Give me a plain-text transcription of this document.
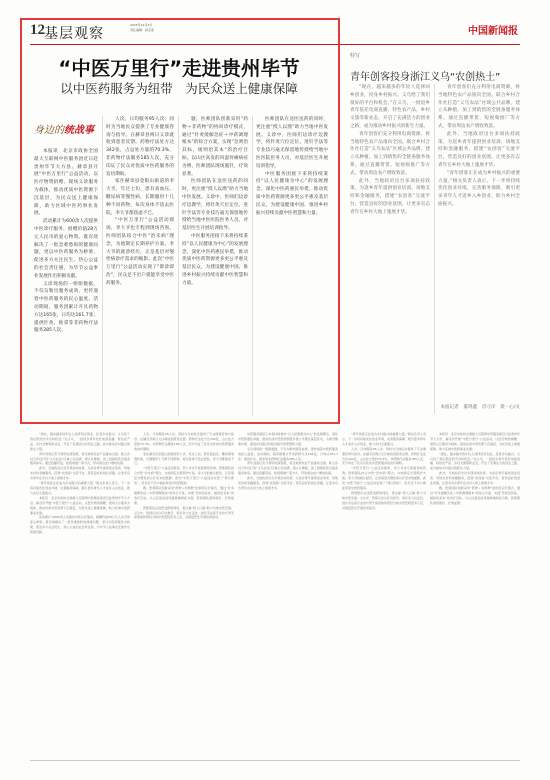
12 基层观察
2025年12月3日
责任编辑：杨京燕	中国新闻报
“中医万里行”走进贵州毕节
以中医药服务为纽带　为民众送上健康保障
身边的统战事

本报讯　北京市政协全国最大互联网中医服务团近日赴贵州毕节大方县、赫章县开展“中医万里行”公益活动，以医疗物资捐赠、现场义诊服务为载体，推动优质中医资源下沉基层，为民众送上健康保障，助力区域中医药事业发展。

活动累计为600余人次提供中医诊疗服务，捐赠价值28万元人民币的爱心物资。既有效解决了一批急难愁盼的健康问题，更以中医药服务为桥梁，促进多方关注民生，热心公益的社会责任感，为毕节公益事业发展作出积极贡献。

义诊现场的一组组数据，不仅勾勒出服务成效，更传递着中医药服务的民心温度。活动期间，服务团累计开具药物方达165张，日均达161.7张；提供针灸、推拿等非药物疗法服务285人次。

人次。日均服务95人次；同时为当地民众提供了专业健康咨询与指导。在赫章县两日义诊就收到患者反馈。药物疗法处方达342张，占总处方量的70.3%，非药物疗法服务185人次，充分印证了民众对优质中医药服务的迫切期盼。

家住赫章县金银山街道的李大爷，年过七旬，患有高血压、糖尿病等慢性病，长期服用十几种不同药物，每次身体不适去医院，李大爷都焦虑不已。

“中医万里行”公益活动现场，李大爷也专程到现场咨询。医师团队结合中医“治未病”理念，为他制定长期养护方案。李大爷的就诊经历，正是基层对慢性病诊疗需求的缩影。此次“中医万里行”公益活动实现了“即诊即治”，民众足不出户就能享受中医药服务。

题，医师团队创新采用“药物＋非药物”的协同诊疗模式，通过“针灸缓解急症＋中药调理根本”的综合方案，实现“急则治其标，缓则治其本”的治疗目标。以山区高发的风湿骨痛病症为例，医师团队现场施针，疗效显著。

医师团队在送医送药的同时，更注重“授人以渔”助力当地中医发展。义诊中，医师们边诊疗边教学，将针灸穴位定位、进针手法等专业技巧毫无保留地传授给当地中医医院医务人员，对基层医生开展培训指导。

中医服务团接下来将持续秉持“以人民健康为中心”的发展理念，深化中医药惠民举措，推动优质中医药资源更多更公平惠及基层民众，为建设健康中国、推进乡村振兴持续贡献中医智慧和力量。

医师团队在送医送药的同时，更注重“授人以渔”助力当地中医发展。义诊中，医师们边诊疗边教学，将针灸穴位定位、进针手法等专业技巧毫无保留地传授给当地中医医院医务人员，对基层医生开展培训指导。

中医服务团接下来将持续秉持“以人民健康为中心”的发展理念，深化中医药惠民举措，推动优质中医药资源更多更公平惠及基层民众，为建设健康中国、推进乡村振兴持续贡献中医智慧和力量。

特写
青年创客投身浙江义乌“农创热土”

“现在，越来越多的年轻人选择回乡创业，投身乡村振兴。义乌给了我们很好的平台和机会。”在义乌，一批返乡青年依托电商直播、特色农产品、乡村文旅等新业态，开启了充满活力的创业之路，成为推动乡村振兴的新生力量。

青年创客们充分利用电商资源，将当地特色农产品推向全国。联合乡村合作社打造“义乌农品”区域公共品牌，建立从种植、加工到销售的全链条服务体系。通过直播带货、短视频推广等方式，带动周边农户增收致富。

此外，当地政府出台多项扶持政策，为返乡青年提供创业培训、场地支持和金融服务，搭建“农创客”交流平台，营造良好的创业氛围，让更多有志青年在乡村大地上施展才华。

青年创客们充分利用电商资源，将当地特色农产品推向全国。联合乡村合作社打造“义乌农品”区域公共品牌，建立从种植、加工到销售的全链条服务体系。通过直播带货、短视频推广等方式，带动周边农户增收致富。

此外，当地政府出台多项扶持政策，为返乡青年提供创业培训、场地支持和金融服务，搭建“农创客”交流平台，营造良好的创业氛围，让更多有志青年在乡村大地上施展才华。

“青年创客正在成为乡村振兴的重要力量。”相关负责人表示，下一步将持续优化创业环境，完善服务保障，吸引更多青年人才返乡入乡创业，助力乡村全面振兴。

本报记者　董玥鑫　肖守洋　裴一心/文

“现在，越来越多的年轻人选择回乡创业，投身乡村振兴。义乌给了我们很好的平台和机会。”在义乌，一批返乡青年依托电商直播、特色农产品、乡村文旅等新业态，开启了充满活力的创业之路，成为推动乡村振兴的新生力量。

青年创客们充分利用电商资源，将当地特色农产品推向全国。联合乡村合作社打造“义乌农品”区域公共品牌，建立从种植、加工到销售的全链条服务体系。通过直播带货、短视频推广等方式，带动周边农户增收致富。

此外，当地政府出台多项扶持政策，为返乡青年提供创业培训、场地支持和金融服务，搭建“农创客”交流平台，营造良好的创业氛围，让更多有志青年在乡村大地上施展才华。

“青年创客正在成为乡村振兴的重要力量。”相关负责人表示，下一步将持续优化创业环境，完善服务保障，吸引更多青年人才返乡入乡创业，助力乡村全面振兴。

本报讯　北京市政协全国最大互联网中医服务团近日赴贵州毕节大方县、赫章县开展“中医万里行”公益活动，以医疗物资捐赠、现场义诊服务为载体，推动优质中医资源下沉基层，为民众送上健康保障，助力区域中医药事业发展。

活动累计为600余人次提供中医诊疗服务，捐赠价值28万元人民币的爱心物资。既有效解决了一批急难愁盼的健康问题，更以中医药服务为桥梁，促进多方关注民生，热心公益的社会责任感，为毕节公益事业发展作出积极贡献。

人次。日均服务95人次；同时为当地民众提供了专业健康咨询与指导。在赫章县两日义诊就收到患者反馈。药物疗法处方达342张，占总处方量的70.3%，非药物疗法服务185人次，充分印证了民众对优质中医药服务的迫切期盼。

家住赫章县金银山街道的李大爷，年过七旬，患有高血压、糖尿病等慢性病，长期服用十几种不同药物，每次身体不适去医院，李大爷都焦虑不已。

“中医万里行”公益活动现场，李大爷也专程到现场咨询。医师团队结合中医“治未病”理念，为他制定长期养护方案。李大爷的就诊经历，正是基层对慢性病诊疗需求的缩影。此次“中医万里行”公益活动实现了“即诊即治”，民众足不出户就能享受中医药服务。

题，医师团队创新采用“药物＋非药物”的协同诊疗模式，通过“针灸缓解急症＋中药调理根本”的综合方案，实现“急则治其标，缓则治其本”的治疗目标。以山区高发的风湿骨痛病症为例，医师团队现场施针，疗效显著。

医师团队在送医送药的同时，更注重“授人以渔”助力当地中医发展。义诊中，医师们边诊疗边教学，将针灸穴位定位、进针手法等专业技巧毫无保留地传授给当地中医医院医务人员，对基层医生开展培训指导。

中医服务团接下来将持续秉持“以人民健康为中心”的发展理念，深化中医药惠民举措，推动优质中医药资源更多更公平惠及基层民众，为建设健康中国、推进乡村振兴持续贡献中医智慧和力量。

义诊现场的一组组数据，不仅勾勒出服务成效，更传递着中医药服务的民心温度。活动期间，服务团累计开具药物方达165张，日均达161.7张；提供针灸、推拿等非药物疗法服务285人次。

青年创客们充分利用电商资源，将当地特色农产品推向全国。联合乡村合作社打造“义乌农品”区域公共品牌，建立从种植、加工到销售的全链条服务体系。通过直播带货、短视频推广等方式，带动周边农户增收致富。

此外，当地政府出台多项扶持政策，为返乡青年提供创业培训、场地支持和金融服务，搭建“农创客”交流平台，营造良好的创业氛围，让更多有志青年在乡村大地上施展才华。

“青年创客正在成为乡村振兴的重要力量。”相关负责人表示，下一步将持续优化创业环境，完善服务保障，吸引更多青年人才返乡入乡创业，助力乡村全面振兴。

人次。日均服务95人次；同时为当地民众提供了专业健康咨询与指导。在赫章县两日义诊就收到患者反馈。药物疗法处方达342张，占总处方量的70.3%，非药物疗法服务185人次，充分印证了民众对优质中医药服务的迫切期盼。

“中医万里行”公益活动现场，李大爷也专程到现场咨询。医师团队结合中医“治未病”理念，为他制定长期养护方案。李大爷的就诊经历，正是基层对慢性病诊疗需求的缩影。此次“中医万里行”公益活动实现了“即诊即治”，民众足不出户就能享受中医药服务。

医师团队在送医送药的同时，更注重“授人以渔”助力当地中医发展。义诊中，医师们边诊疗边教学，将针灸穴位定位、进针手法等专业技巧毫无保留地传授给当地中医医院医务人员，对基层医生开展培训指导。

本报讯　北京市政协全国最大互联网中医服务团近日赴贵州毕节大方县、赫章县开展“中医万里行”公益活动，以医疗物资捐赠、现场义诊服务为载体，推动优质中医资源下沉基层，为民众送上健康保障，助力区域中医药事业发展。

“现在，越来越多的年轻人选择回乡创业，投身乡村振兴。义乌给了我们很好的平台和机会。”在义乌，一批返乡青年依托电商直播、特色农产品、乡村文旅等新业态，开启了充满活力的创业之路，成为推动乡村振兴的新生力量。

此外，当地政府出台多项扶持政策，为返乡青年提供创业培训、场地支持和金融服务，搭建“农创客”交流平台，营造良好的创业氛围，让更多有志青年在乡村大地上施展才华。

题，医师团队创新采用“药物＋非药物”的协同诊疗模式，通过“针灸缓解急症＋中药调理根本”的综合方案，实现“急则治其标，缓则治其本”的治疗目标。以山区高发的风湿骨痛病症为例，医师团队现场施针，疗效显著。
